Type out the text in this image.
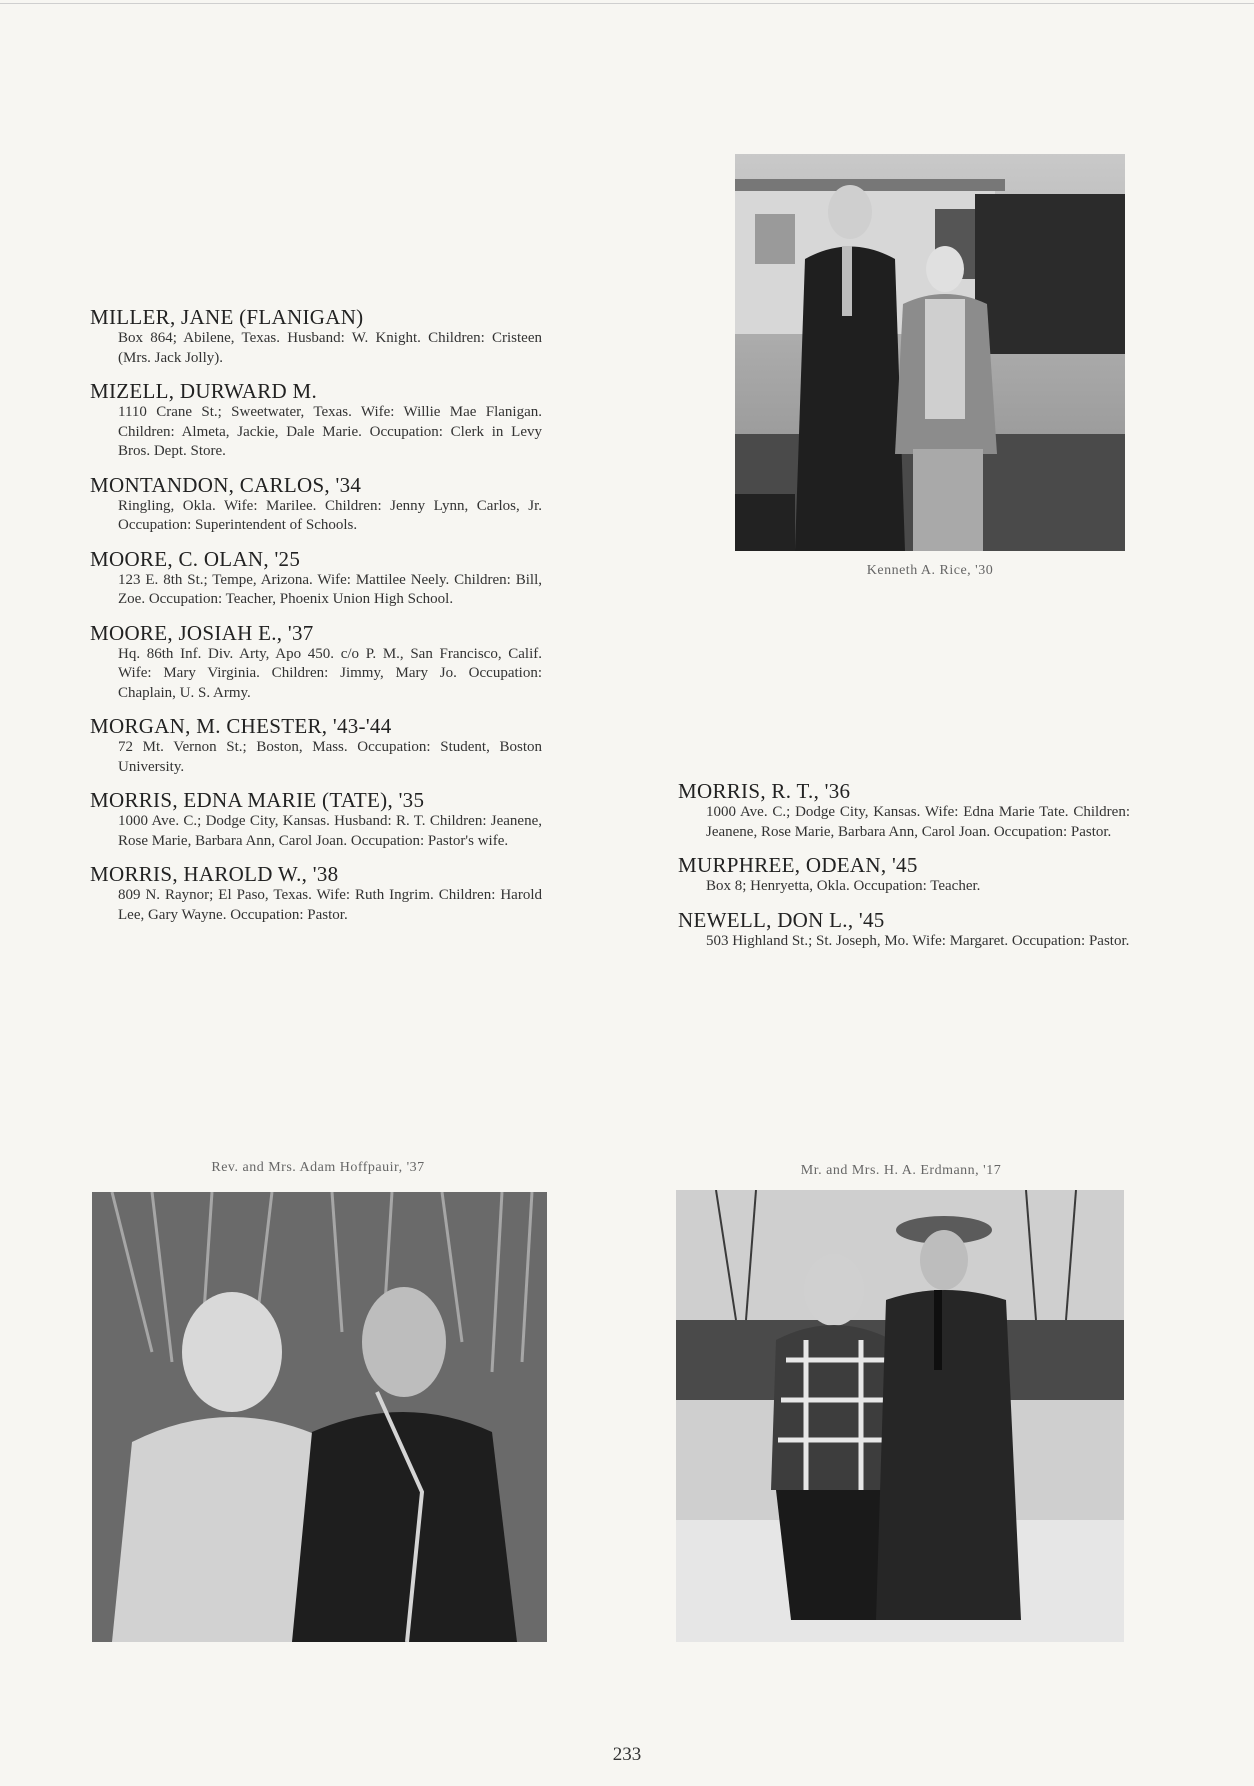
MILLER, JANE (FLANIGAN)
Box 864; Abilene, Texas. Husband: W. Knight. Children: Cristeen (Mrs. Jack Jolly).
MIZELL, DURWARD M.
1110 Crane St.; Sweetwater, Texas. Wife: Willie Mae Flanigan. Children: Almeta, Jackie, Dale Marie. Occupation: Clerk in Levy Bros. Dept. Store.
MONTANDON, CARLOS, '34
Ringling, Okla. Wife: Marilee. Children: Jenny Lynn, Carlos, Jr. Occupation: Superintendent of Schools.
MOORE, C. OLAN, '25
123 E. 8th St.; Tempe, Arizona. Wife: Mattilee Neely. Children: Bill, Zoe. Occupation: Teacher, Phoenix Union High School.
MOORE, JOSIAH E., '37
Hq. 86th Inf. Div. Arty, Apo 450. c/o P. M., San Francisco, Calif. Wife: Mary Virginia. Children: Jimmy, Mary Jo. Occupation: Chaplain, U. S. Army.
MORGAN, M. CHESTER, '43-'44
72 Mt. Vernon St.; Boston, Mass. Occupation: Student, Boston University.
MORRIS, EDNA MARIE (TATE), '35
1000 Ave. C.; Dodge City, Kansas. Husband: R. T. Children: Jeanene, Rose Marie, Barbara Ann, Carol Joan. Occupation: Pastor's wife.
MORRIS, HAROLD W., '38
809 N. Raynor; El Paso, Texas. Wife: Ruth Ingrim. Children: Harold Lee, Gary Wayne. Occupation: Pastor.
MORRIS, R. T., '36
1000 Ave. C.; Dodge City, Kansas. Wife: Edna Marie Tate. Children: Jeanene, Rose Marie, Barbara Ann, Carol Joan. Occupation: Pastor.
MURPHREE, ODEAN, '45
Box 8; Henryetta, Okla. Occupation: Teacher.
NEWELL, DON L., '45
503 Highland St.; St. Joseph, Mo. Wife: Margaret. Occupation: Pastor.
Kenneth A. Rice, '30
Rev. and Mrs. Adam Hoffpauir, '37	Mr. and Mrs. H. A. Erdmann, '17
233
